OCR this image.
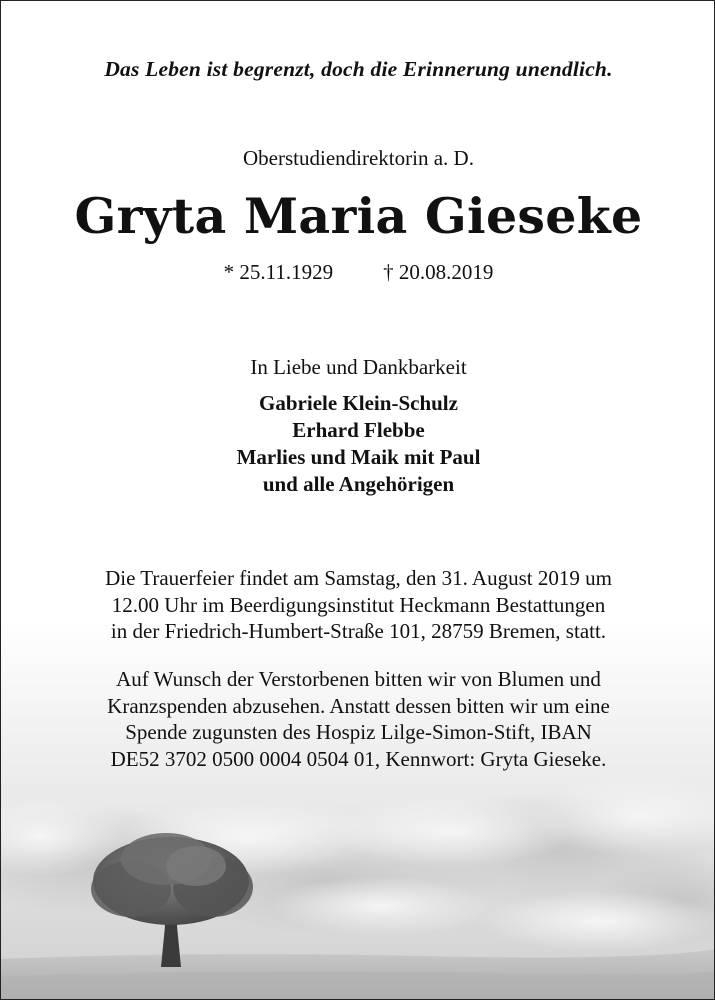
Das Leben ist begrenzt, doch die Erinnerung unendlich.
Oberstudiendirektorin a. D.
Gryta Maria Gieseke
* 25.11.1929 † 20.08.2019
In Liebe und Dankbarkeit
Gabriele Klein-Schulz
Erhard Flebbe
Marlies und Maik mit Paul
und alle Angehörigen
Die Trauerfeier findet am Samstag, den 31. August 2019 um
12.00 Uhr im Beerdigungsinstitut Heckmann Bestattungen
in der Friedrich-Humbert-Straße 101, 28759 Bremen, statt.
Auf Wunsch der Verstorbenen bitten wir von Blumen und
Kranzspenden abzusehen. Anstatt dessen bitten wir um eine
Spende zugunsten des Hospiz Lilge-Simon-Stift, IBAN
DE52 3702 0500 0004 0504 01, Kennwort: Gryta Gieseke.
